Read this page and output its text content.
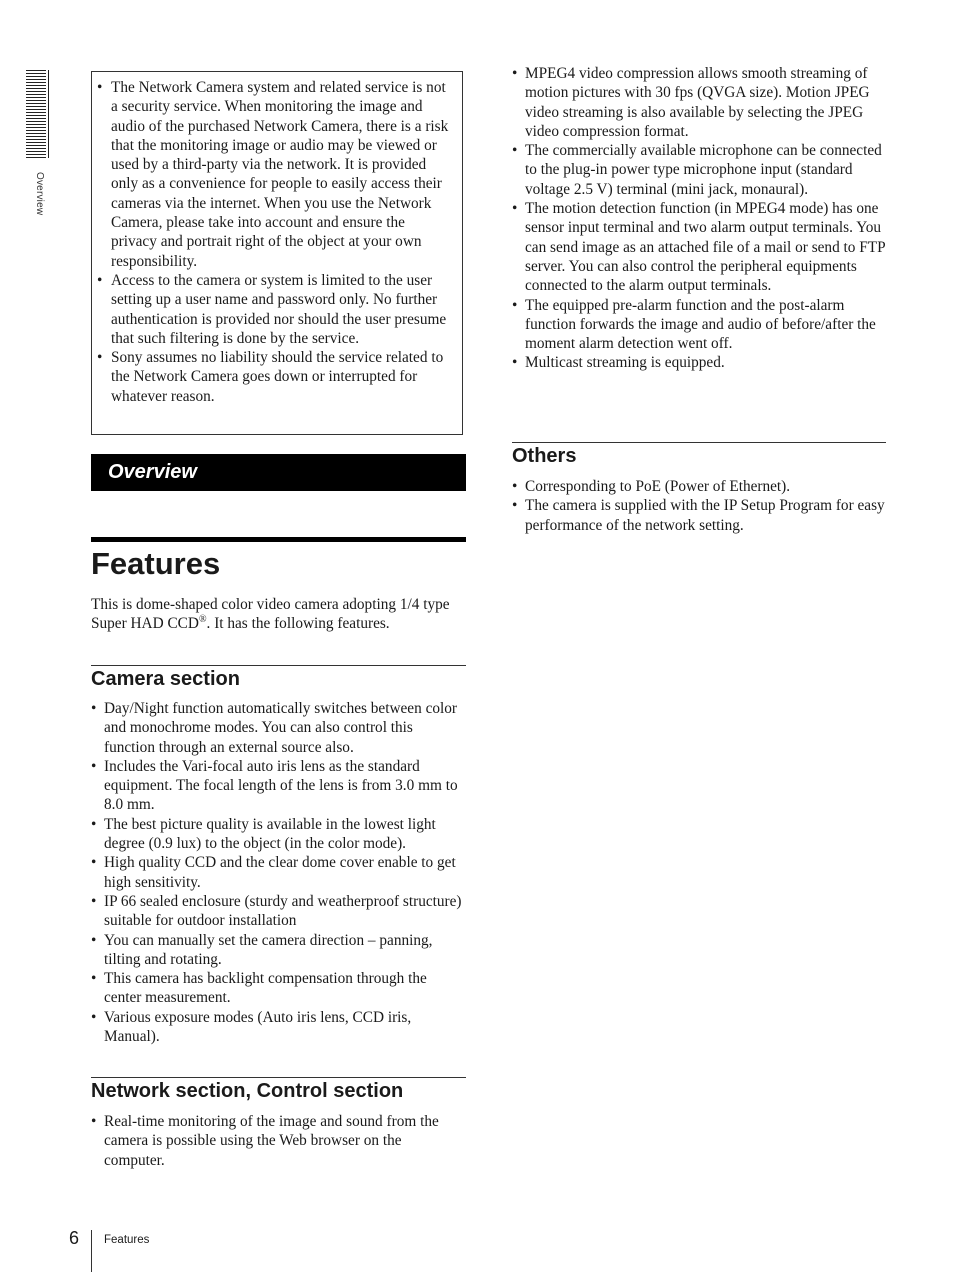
Overview
• The Network Camera system and related service is not a security service. When monitoring the image and audio of the purchased Network Camera, there is a risk that the monitoring image or audio may be viewed or used by a third-party via the network. It is provided only as a convenience for people to easily access their cameras via the internet. When you use the Network Camera, please take into account and ensure the privacy and portrait right of the object at your own responsibility.
• Access to the camera or system is limited to the user setting up a user name and password only. No further authentication is provided nor should the user presume that such filtering is done by the service.
• Sony assumes no liability should the service related to the Network Camera goes down or interrupted for whatever reason.
Overview
Features

This is dome-shaped color video camera adopting 1/4 type Super HAD CCD®. It has the following features.

Camera section
• Day/Night function automatically switches between color and monochrome modes. You can also control this function through an external source also.
• Includes the Vari-focal auto iris lens as the standard equipment. The focal length of the lens is from 3.0 mm to 8.0 mm.
• The best picture quality is available in the lowest light degree (0.9 lux) to the object (in the color mode).
• High quality CCD and the clear dome cover enable to get high sensitivity.
• IP 66 sealed enclosure (sturdy and weatherproof structure) suitable for outdoor installation
• You can manually set the camera direction – panning, tilting and rotating.
• This camera has backlight compensation through the center measurement.
• Various exposure modes (Auto iris lens, CCD iris, Manual).
Network section, Control section
• Real-time monitoring of the image and sound from the camera is possible using the Web browser on the computer.
• MPEG4 video compression allows smooth streaming of motion pictures with 30 fps (QVGA size). Motion JPEG video streaming is also available by selecting the JPEG video compression format.
• The commercially available microphone can be connected to the plug-in power type microphone input (standard voltage 2.5 V) terminal (mini jack, monaural).
• The motion detection function (in MPEG4 mode) has one sensor input terminal and two alarm output terminals. You can send image as an attached file of a mail or send to FTP server. You can also control the peripheral equipments connected to the alarm output terminals.
• The equipped pre-alarm function and the post-alarm function forwards the image and audio of before/after the moment alarm detection went off.
• Multicast streaming is equipped.
Others
• Corresponding to PoE (Power of Ethernet).
• The camera is supplied with the IP Setup Program for easy performance of the network setting.
6 Features
